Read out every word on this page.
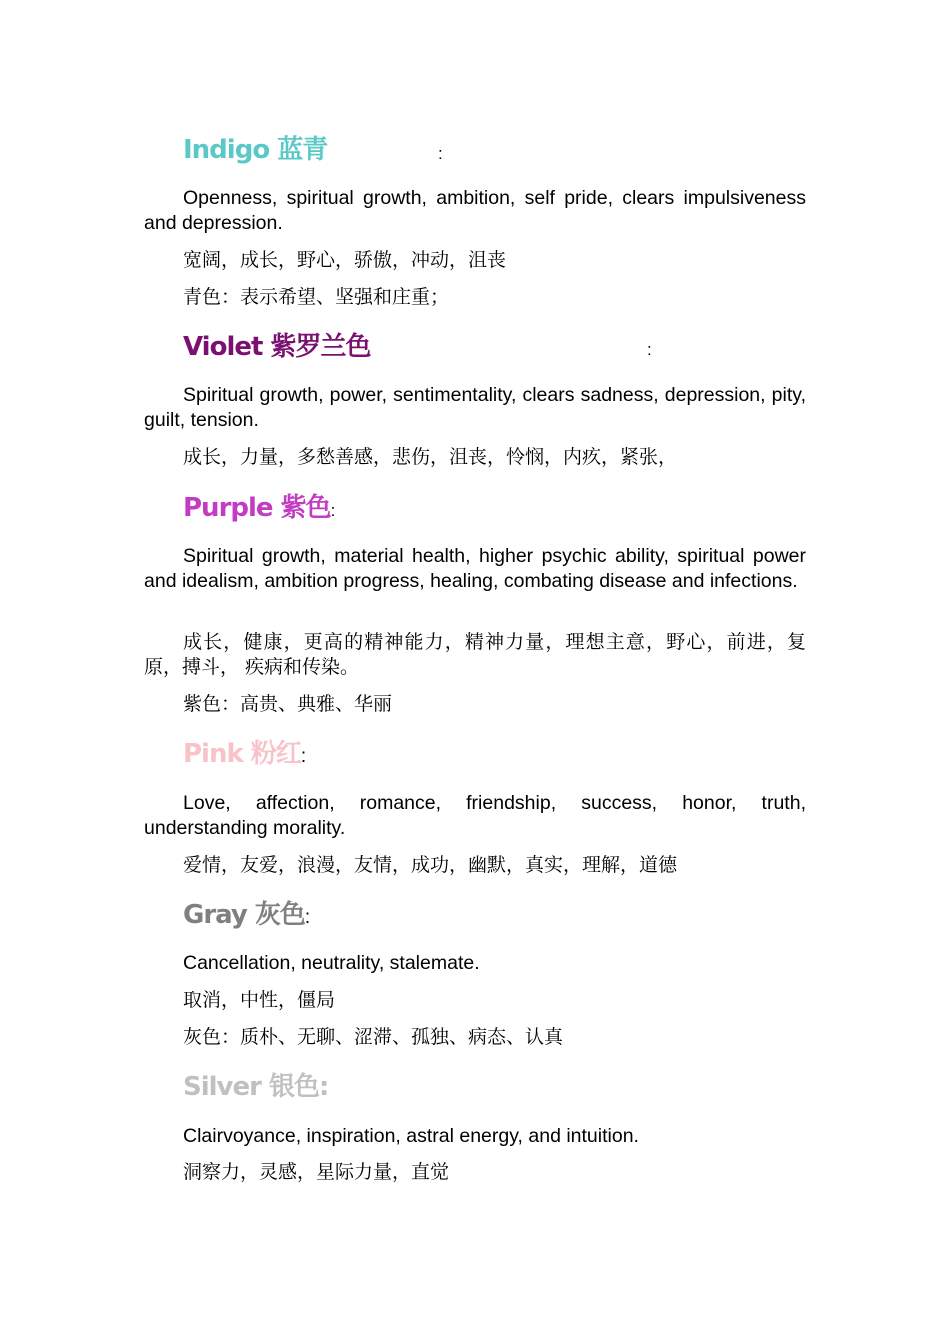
Indigo 蓝青	:

Openness, spiritual growth, ambition, self pride, clears impulsiveness and depression.

宽阔，成长，野心，骄傲，冲动，沮丧

青色：表示希望、坚强和庄重；

Violet 紫罗兰色	:

Spiritual growth, power, sentimentality, clears sadness, depression, pity, guilt, tension.

成长，力量，多愁善感，悲伤，沮丧，怜悯，内疚，紧张，

Purple 紫色:

Spiritual growth, material health, higher psychic ability, spiritual power and idealism, ambition progress, healing, combating disease and infections.

成长，健康，更高的精神能力，精神力量，理想主意，野心，前进，复原，搏斗， 疾病和传染。

紫色：高贵、典雅、华丽

Pink 粉红:

Love, affection, romance, friendship, success, honor, truth, understanding morality.

爱情，友爱，浪漫，友情，成功，幽默，真实，理解，道德

Gray 灰色:

Cancellation, neutrality, stalemate.

取消，中性，僵局

灰色：质朴、无聊、涩滞、孤独、病态、认真

Silver 银色:

Clairvoyance, inspiration, astral energy, and intuition.

洞察力，灵感，星际力量，直觉
